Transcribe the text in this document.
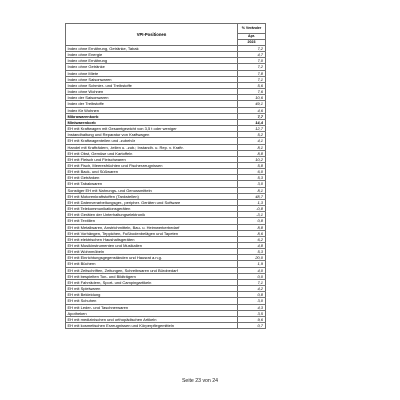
VPI-Positionen	% Veränder
	Apr.
	2023
Index ohne Ernährung, Getränke, Tabak	7,2
Index ohne Energie	4,7
Index ohne Ernährung	7,0
Index ohne Getränke	7,2
Index ohne Miete	7,8
Index ohne Saisonwaren	7,1
Index ohne Schmier- und Treibstoffe	5,6
Index ohne Wohnen	7,6
Index der Saisonwaren	10,6
Index der Treibstoffe	49,1
Index für Wohnen	4,6
Mikrowarenkorb	7,7
Miniwarenkorb	14,4
EH mit Kraftwagen mit Gesamtgewicht von 3,5 t oder weniger	12,7
Instandhaltung und Reparatur von Kraftwagen	5,2
EH mit Kraftwagenteilen und -zubehör	4,1
Handel mit Krafträdern, -teilen u. -zub.; Instandh. u. Rep. v. Kraftr.	8,1
EH mit Obst, Gemüse und Kartoffeln	8,8
EH mit Fleisch und Fleischwaren	10,2
EH mit Fisch, Meeresfrüchten und Fischerzeugnissen	5,8
EH mit Back- und Süßwaren	6,0
EH mit Getränken	5,3
EH mit Tabakwaren	3,0
Sonstiger EH mit Nahrungs- und Genussmitteln	8,1
EH mit Motorenkraftstoffen (Tankstellen)	48,7
EH mit Datenverarbeitungsger., peripher. Geräten und Software	1,3
EH mit Telekommunikationsgeräten	-0,8
EH mit Geräten der Unterhaltungselektronik	-3,1
EH mit Textilien	0,8
EH mit Metallwaren, Anstrichmitteln, Bau- u. Heimwerkerbedarf	8,8
EH mit Vorhängen, Teppichen, Fußbodenbelägen und Tapeten	8,6
EH mit elektrischen Haushaltsgeräten	6,2
EH mit Musikinstrumenten und Musikalien	4,8
EH mit Wohnmöbeln	5,3
EH mit Einrichtungsgegenständen und Hausrat a.n.g.	20,0
EH mit Büchern	1,9
EH mit Zeitschriften, Zeitungen, Schreibwaren und Bürobedarf	4,0
EH mit bespielten Ton- und Bildträgern	0,0
EH mit Fahrrädern, Sport- und Campingartikeln	7,1
EH mit Spielwaren	4,2
EH mit Bekleidung	0,8
EH mit Schuhen	3,0
EH mit Leder- und Taschnerwaren	4,3
Apotheken	3,5
EH mit medizinischen und orthopädischen Artikeln	9,6
EH mit kosmetischen Erzeugnissen und Körperpflegemitteln	0,7
Seite 23 von 24
